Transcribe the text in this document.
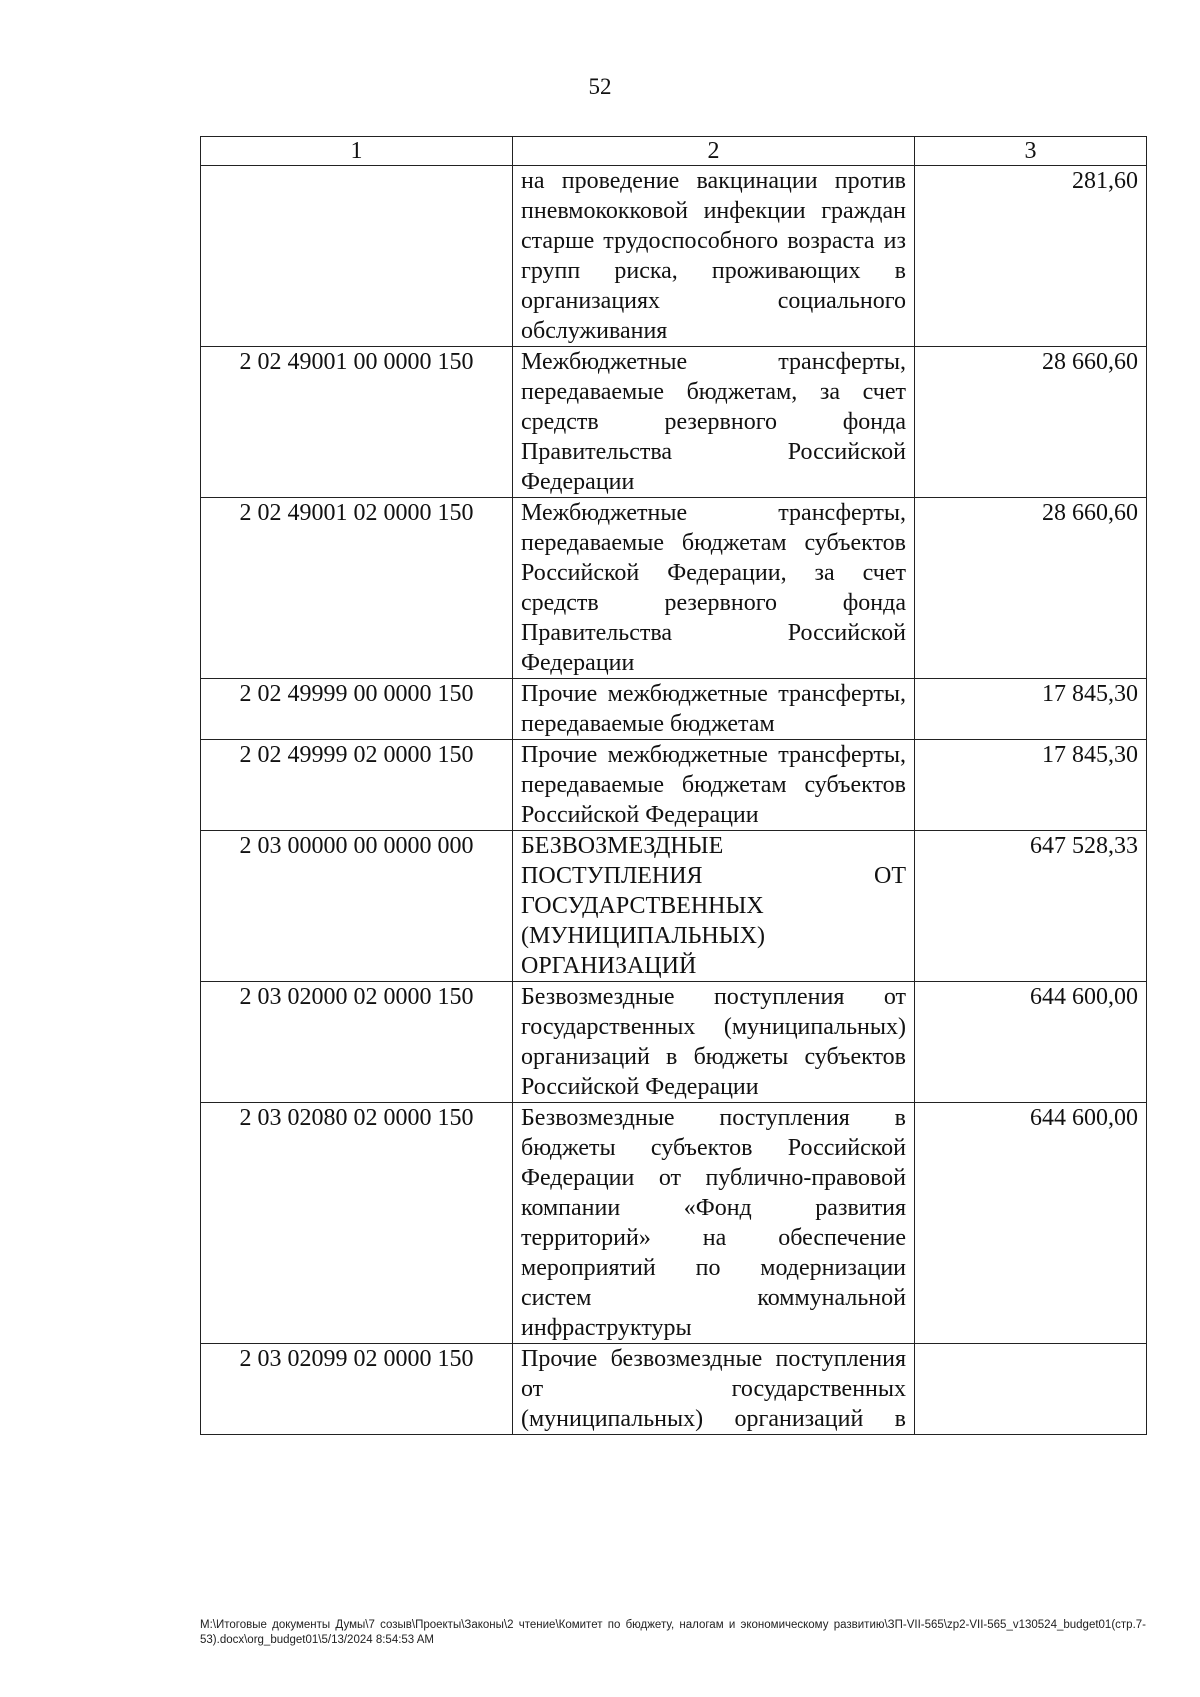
52
1	2	3
	на проведение вакцинации против пневмококковой инфекции граждан старше трудоспособного возраста из групп риска, проживающих в организациях социального обслуживания	281,60
2 02 49001 00 0000 150	Межбюджетные трансферты, передаваемые бюджетам, за счет средств резервного фонда Правительства Российской Федерации	28 660,60
2 02 49001 02 0000 150	Межбюджетные трансферты, передаваемые бюджетам субъектов Российской Федерации, за счет средств резервного фонда Правительства Российской Федерации	28 660,60
2 02 49999 00 0000 150	Прочие межбюджетные трансферты, передаваемые бюджетам	17 845,30
2 02 49999 02 0000 150	Прочие межбюджетные трансферты, передаваемые бюджетам субъектов Российской Федерации	17 845,30
2 03 00000 00 0000 000	БЕЗВОЗМЕЗДНЫЕ ПОСТУПЛЕНИЯ ОТ ГОСУДАРСТВЕННЫХ (МУНИЦИПАЛЬНЫХ) ОРГАНИЗАЦИЙ	647 528,33
2 03 02000 02 0000 150	Безвозмездные поступления от государственных (муниципальных) организаций в бюджеты субъектов Российской Федерации	644 600,00
2 03 02080 02 0000 150	Безвозмездные поступления в бюджеты субъектов Российской Федерации от публично-правовой компании «Фонд развития территорий» на обеспечение мероприятий по модернизации систем коммунальной инфраструктуры	644 600,00
2 03 02099 02 0000 150	Прочие безвозмездные поступления от государственных (муниципальных) организаций в	
M:\Итоговые документы Думы\7 созыв\Проекты\Законы\2 чтение\Комитет по бюджету, налогам и экономическому развитию\ЗП-VII-565\zp2-VII-565_v130524_budget01(стр.7-53).docx\org_budget01\5/13/2024 8:54:53 AM
